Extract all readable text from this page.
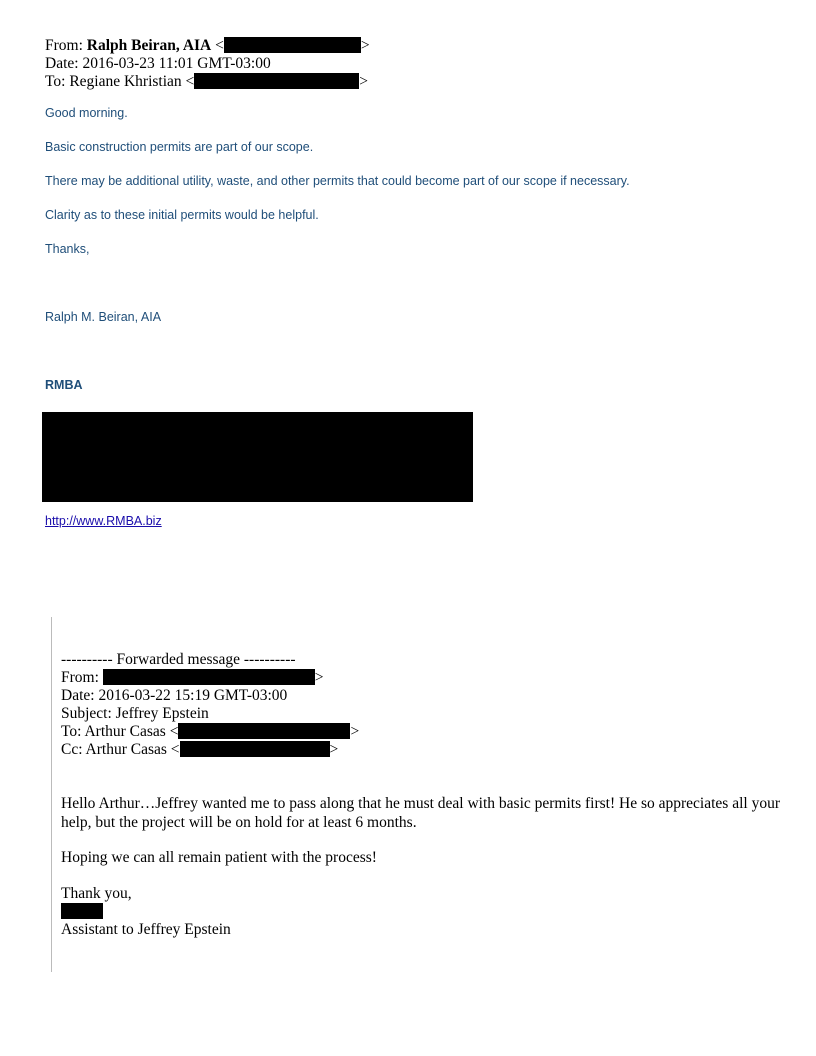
From: Ralph Beiran, AIA <	>
Date: 2016-03-23 11:01 GMT-03:00
To: Regiane Khristian <	>
Good morning.
Basic construction permits are part of our scope.
There may be additional utility, waste, and other permits that could become part of our scope if necessary.
Clarity as to these initial permits would be helpful.
Thanks,
Ralph M. Beiran, AIA
RMBA
http://www.RMBA.biz
---------- Forwarded message ----------
From:	>
Date: 2016-03-22 15:19 GMT-03:00
Subject: Jeffrey Epstein
To: Arthur Casas <	>
Cc: Arthur Casas <	>
Hello Arthur…Jeffrey wanted me to pass along that he must deal with basic permits first! He so appreciates all your help, but the project will be on hold for at least 6 months.
Hoping we can all remain patient with the process!
Thank you,
Assistant to Jeffrey Epstein
